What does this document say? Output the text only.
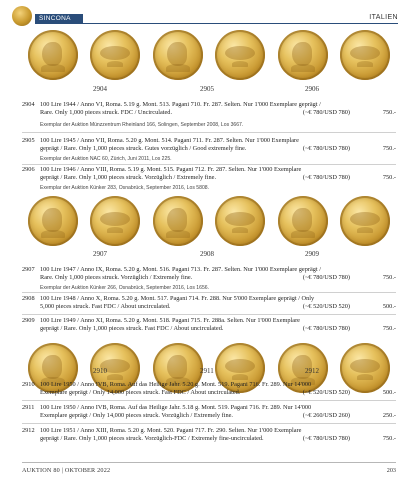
SINCONA	ITALIEN
2904	2905	2906
2904 100 Lire 1944 / Anno VI, Roma. 5.19 g. Mont. 513. Pagani 710. Fr. 287. Selten. Nur 1'000 Exemplare geprägt /
Rare. Only 1,000 pieces struck. FDC / Uncirculated.	(~€ 780/USD 780)	750.-
Exemplar der Auktion Münzzentrum Rheinland 166, Solingen, September 2008, Los 3667.
2905 100 Lire 1945 / Anno VII, Roma. 5.20 g. Mont. 514. Pagani 711. Fr. 287. Selten. Nur 1'000 Exemplare
geprägt / Rare. Only 1,000 pieces struck. Gutes vorzüglich / Good extremely fine.	(~€ 780/USD 780)	750.-
Exemplar der Auktion NAC 60, Zürich, Juni 2011, Los 225.
2906 100 Lire 1946 / Anno VIII, Roma. 5.19 g. Mont. 515. Pagani 712. Fr. 287. Selten. Nur 1'000 Exemplare
geprägt / Rare. Only 1,000 pieces struck. Vorzüglich / Extremely fine.	(~€ 780/USD 780)	750.-
Exemplar der Auktion Künker 283, Osnabrück, September 2016, Los 5808.
2907	2908	2909
2907 100 Lire 1947 / Anno IX, Roma. 5.20 g. Mont. 516. Pagani 713. Fr. 287. Selten. Nur 1'000 Exemplare geprägt /
Rare. Only 1,000 pieces struck. Vorzüglich / Extremely fine.	(~€ 780/USD 780)	750.-
Exemplar der Auktion Künker 266, Osnabrück, September 2016, Los 1656.
2908 100 Lire 1948 / Anno X, Roma. 5.20 g. Mont. 517. Pagani 714. Fr. 288. Nur 5'000 Exemplare geprägt / Only
5,000 pieces struck. Fast FDC / About uncirculated.	(~€ 520/USD 520)	500.-
2909 100 Lire 1949 / Anno XI, Roma. 5.20 g. Mont. 518. Pagani 715. Fr. 288a. Selten. Nur 1'000 Exemplare
geprägt / Rare. Only 1,000 pieces struck. Fast FDC / About uncirculated.	(~€ 780/USD 780)	750.-
2910	2911	2912
2910 100 Lire 1950 / Anno IVB, Roma. Auf das Heilige Jahr. 5.20 g. Mont. 519. Pagani 716. Fr. 289. Nur 14'000
Exemplare geprägt / Only 14,000 pieces struck. Fast FDC / About uncirculated.	(~€ 520/USD 520)	500.-
2911 100 Lire 1950 / Anno IVB, Roma. Auf das Heilige Jahr. 5.18 g. Mont. 519. Pagani 716. Fr. 289. Nur 14'000
Exemplare geprägt / Only 14,000 pieces struck. Vorzüglich / Extremely fine.	(~€ 260/USD 260)	250.-
2912 100 Lire 1951 / Anno XIII, Roma. 5.20 g. Mont. 520. Pagani 717. Fr. 290. Selten. Nur 1'000 Exemplare
geprägt / Rare. Only 1,000 pieces struck. Vorzüglich-FDC / Extremely fine-uncirculated.	(~€ 780/USD 780)	750.-
AUKTION 80 | OKTOBER 2022	203
